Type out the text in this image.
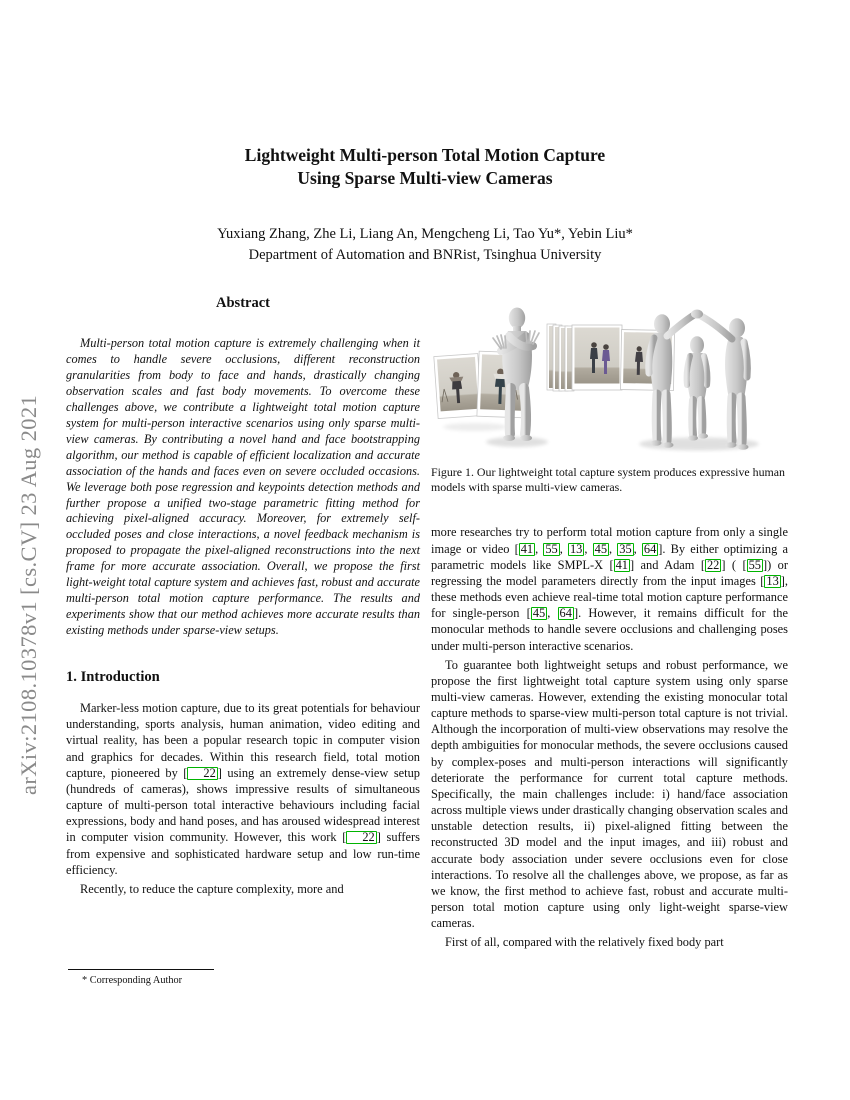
arXiv:2108.10378v1 [cs.CV] 23 Aug 2021
Lightweight Multi-person Total Motion Capture
Using Sparse Multi-view Cameras
Yuxiang Zhang, Zhe Li, Liang An, Mengcheng Li, Tao Yu*, Yebin Liu*
Department of Automation and BNRist, Tsinghua University
Abstract

Multi-person total motion capture is extremely challenging when it comes to handle severe occlusions, different reconstruction granularities from body to face and hands, drastically changing observation scales and fast body movements. To overcome these challenges above, we contribute a lightweight total motion capture system for multi-person interactive scenarios using only sparse multi-view cameras. By contributing a novel hand and face bootstrapping algorithm, our method is capable of efficient localization and accurate association of the hands and faces even on severe occluded occasions. We leverage both pose regression and keypoints detection methods and further propose a unified two-stage parametric fitting method for achieving pixel-aligned accuracy. Moreover, for extremely self-occluded poses and close interactions, a novel feedback mechanism is proposed to propagate the pixel-aligned reconstructions into the next frame for more accurate association. Overall, we propose the first light-weight total capture system and achieves fast, robust and accurate multi-person total motion capture performance. The results and experiments show that our method achieves more accurate results than existing methods under sparse-view setups.

1. Introduction

Marker-less motion capture, due to its great potentials for behaviour understanding, sports analysis, human animation, video editing and virtual reality, has been a popular research topic in computer vision and graphics for decades. Within this research field, total motion capture, pioneered by [ 22 ] using an extremely dense-view setup (hundreds of cameras), shows impressive results of simultaneous capture of multi-person total interactive behaviours including facial expressions, body and hand poses, and has aroused widespread interest in computer vision community. However, this work [ 22 ] suffers from expensive and sophisticated hardware setup and low run-time efficiency.

Recently, to reduce the capture complexity, more and

* Corresponding Author
Figure 1. Our lightweight total capture system produces expressive human models with sparse multi-view cameras.

more researches try to perform total motion capture from only a single image or video [ 41 , 55 , 13 , 45 , 35 , 64 ]. By either optimizing a parametric models like SMPL-X [ 41 ] and Adam [ 22 ] ( [ 55 ]) or regressing the model parameters directly from the input images [ 13 ], these methods even achieve real-time total motion capture performance for single-person [ 45 , 64 ]. However, it remains difficult for the monocular methods to handle severe occlusions and challenging poses under multi-person interactive scenarios.

To guarantee both lightweight setups and robust performance, we propose the first lightweight total capture system using only sparse multi-view cameras. However, extending the existing monocular total capture methods to sparse-view multi-person total capture is not trivial. Although the incorporation of multi-view observations may resolve the depth ambiguities for monocular methods, the severe occlusions caused by complex-poses and multi-person interactions will significantly deteriorate the performance for current total capture methods. Specifically, the main challenges include: i) hand/face association across multiple views under drastically changing observation scales and unstable detection results, ii) pixel-aligned fitting between the reconstructed 3D model and the input images, and iii) robust and accurate body association under severe occlusions even for close interactions. To resolve all the challenges above, we propose, as far as we know, the first method to achieve fast, robust and accurate multi-person total motion capture using only light-weight sparse-view cameras.

First of all, compared with the relatively fixed body part
